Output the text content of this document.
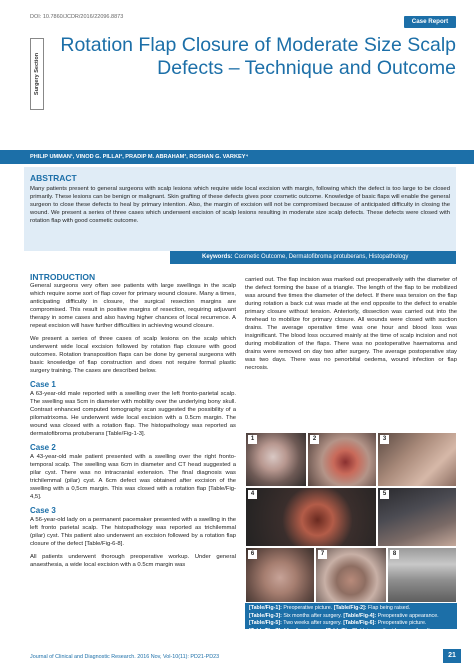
DOI: 10.7860/JCDR/2016/22096.8873
Case Report
Surgery Section
Rotation Flap Closure of Moderate Size Scalp Defects – Technique and Outcome
PHILIP UMMAN¹, VINOD G. PILLAI², PRADIP M. ABRAHAM³, ROSHAN G. VARKEY⁴
ABSTRACT

Many patients present to general surgeons with scalp lesions which require wide local excision with margin, following which the defect is too large to be closed primarily. These lesions can be benign or malignant. Skin grafting of these defects gives poor cosmetic outcome. Knowledge of basic flaps will enable the general surgeon to close these defects to heal by primary intention. Also, the margin of excision will not be compromised because of anticipated difficulty in closing the wound. We present a series of three cases which underwent excision of scalp lesions resulting in moderate size scalp defects. These defects were closed with rotation flap with good cosmetic outcome.

Keywords: Cosmetic Outcome, Dermatofibroma protuberans, Histopathology
INTRODUCTION

General surgeons very often see patients with large swellings in the scalp which require some sort of flap cover for primary wound closure. Many a times, anticipating difficulty in closure, the surgical resection margins are compromised. This result in positive margins of resection, requiring adjuvant therapy in some cases and also having higher chances of local recurrence. A repeat excision will have further difficulties in achieving wound closure.

We present a series of three cases of scalp lesions on the scalp which underwent wide local excision followed by rotation flap closure with good outcomes. Rotation transposition flaps can be done by general surgeons with basic knowledge of flap construction and does not require formal plastic surgery training. The cases are described below.

Case 1

A 63-year-old male reported with a swelling over the left fronto-parietal scalp. The swelling was 5cm in diameter with mobility over the underlying bony skull. Contrast enhanced computed tomography scan suggested the possibility of a pilomatrixoma. He underwent wide local excision with a 0.5cm margin. The wound was closed with a rotation flap. The histopathology was reported as dermatofibroma protuberans [Table/Fig-1-3].

Case 2

A 43-year-old male patient presented with a swelling over the right fronto-temporal scalp. The swelling was 6cm in diameter and CT head suggested a pilar cyst. There was no intracranial extension. The final diagnosis was trichilemmal (pilar) cyst. A 6cm defect was obtained after excision of the swelling with a 0,5cm margin. This was closed with a rotation flap [Table/Fig-4,5].

Case 3

A 56-year-old lady on a permanent pacemaker presented with a swelling in the left fronto parietal scalp. The histopathology was reported as trichilemmal (pilar) cyst. This patient also underwent an excision followed by a rotation flap closure of the defect [Table/Fig-6-8].

All patients underwent thorough preoperative workup. Under general anaesthesia, a wide local excision with a 0.5cm margin was

carried out. The flap incision was marked out preoperatively with the diameter of the defect forming the base of a triangle. The length of the flap to be mobilized was around five times the diameter of the defect. If there was tension on the flap during rotation a back cut was made at the end opposite to the defect to enable primary closure without tension. Anteriorly, dissection was carried out into the forehead to mobilize for primary closure. All wounds were closed with suction drains. The average operative time was one hour and blood loss was insignificant. The blood loss occurred mainly at the time of scalp incision and not during mobilization of the flaps. There was no postoperative haematoma and drains were removed on day two after surgery. The average postoperative stay was two days. There was no penorbital oedema, wound infection or flap necrosis.

1	2	3
4	5
6	7	8
[Table/Fig-1]: Preoperative picture. [Table/Fig-2]: Flap being raised.
[Table/Fig-3]: Six months after surgery. [Table/Fig-4]: Preoperative appearance.
[Table/Fig-5]: Two weeks after surgery. [Table/Fig-6]: Preoperative picture.
[Table/Fig-7]: After flap closure. [Table/Fig-8]: Hair growth at four months after surgery.
Journal of Clinical and Diagnostic Research. 2016 Nov, Vol-10(11): PD21-PD23	21
